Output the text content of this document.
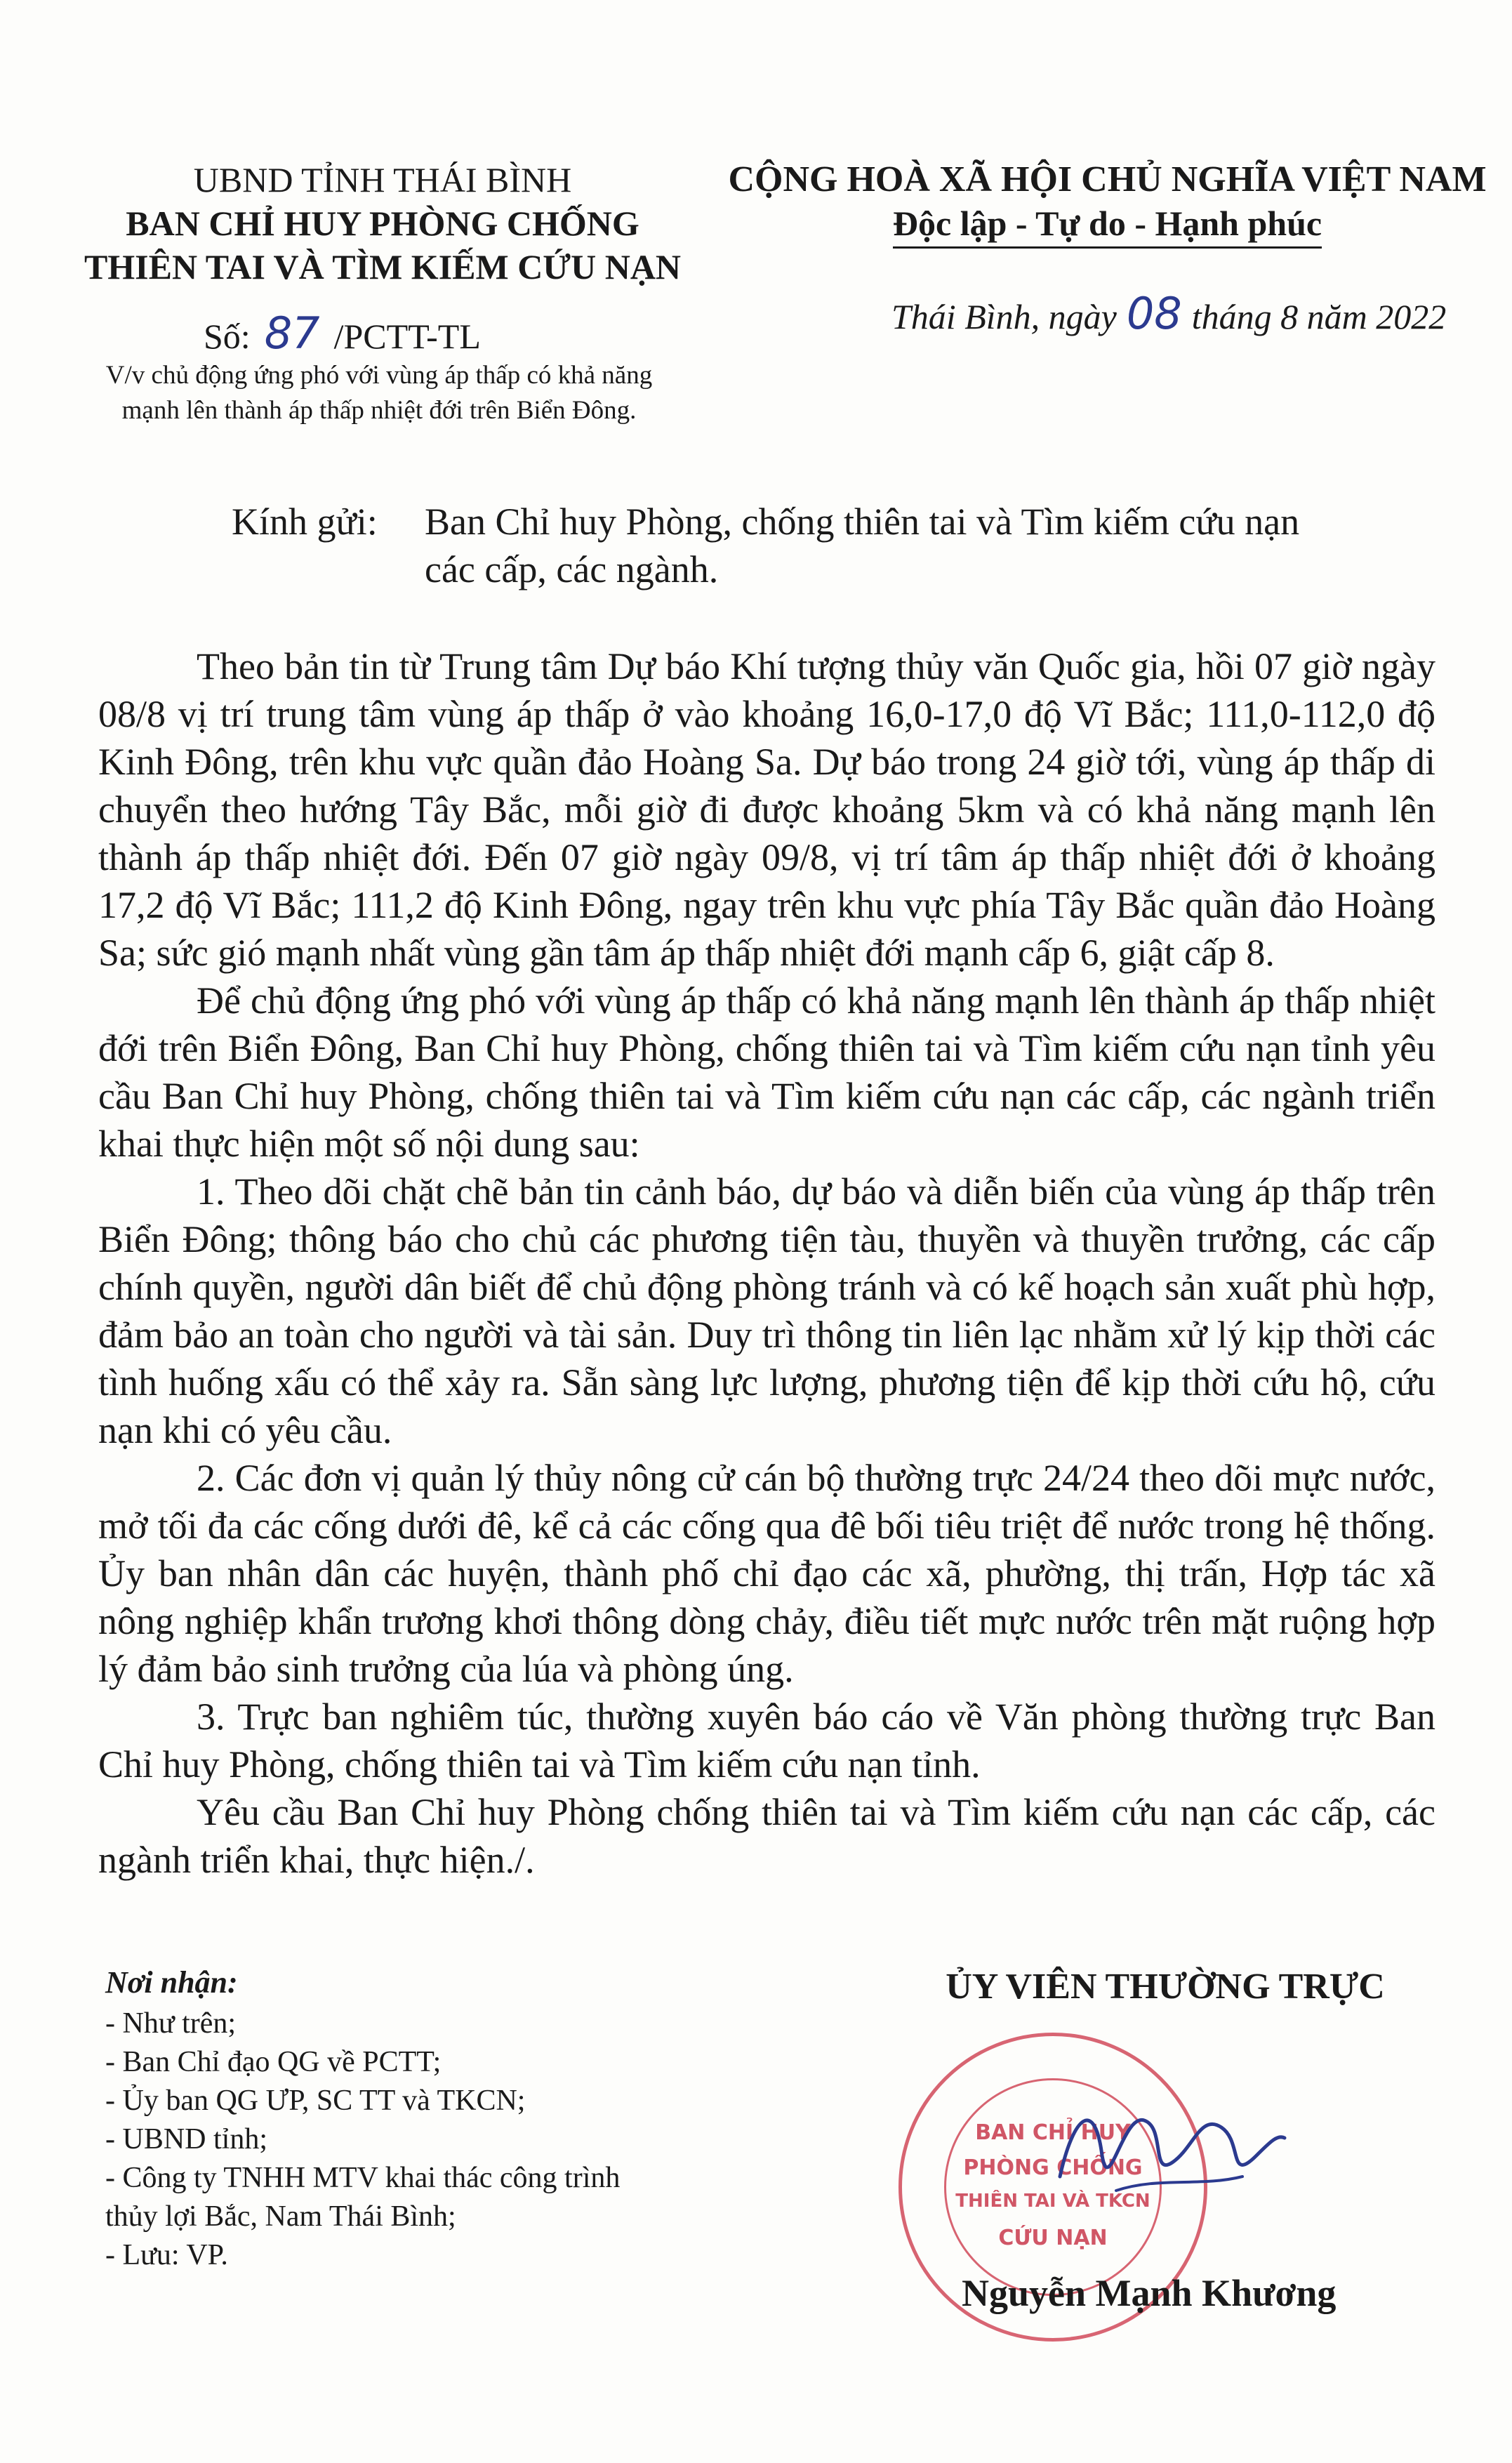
UBND TỈNH THÁI BÌNH
BAN CHỈ HUY PHÒNG CHỐNG
THIÊN TAI VÀ TÌM KIẾM CỨU NẠN
Số: 87 /PCTT-TL
V/v chủ động ứng phó với vùng áp thấp có khả năng
mạnh lên thành áp thấp nhiệt đới trên Biển Đông.
CỘNG HOÀ XÃ HỘI CHỦ NGHĨA VIỆT NAM
Độc lập - Tự do - Hạnh phúc
Thái Bình, ngày 08 tháng 8 năm 2022
Kính gửi: Ban Chỉ huy Phòng, chống thiên tai và Tìm kiếm cứu nạn
các cấp, các ngành.

Theo bản tin từ Trung tâm Dự báo Khí tượng thủy văn Quốc gia, hồi 07 giờ ngày 08/8 vị trí trung tâm vùng áp thấp ở vào khoảng 16,0-17,0 độ Vĩ Bắc; 111,0-112,0 độ Kinh Đông, trên khu vực quần đảo Hoàng Sa. Dự báo trong 24 giờ tới, vùng áp thấp di chuyển theo hướng Tây Bắc, mỗi giờ đi được khoảng 5km và có khả năng mạnh lên thành áp thấp nhiệt đới. Đến 07 giờ ngày 09/8, vị trí tâm áp thấp nhiệt đới ở khoảng 17,2 độ Vĩ Bắc; 111,2 độ Kinh Đông, ngay trên khu vực phía Tây Bắc quần đảo Hoàng Sa; sức gió mạnh nhất vùng gần tâm áp thấp nhiệt đới mạnh cấp 6, giật cấp 8.

Để chủ động ứng phó với vùng áp thấp có khả năng mạnh lên thành áp thấp nhiệt đới trên Biển Đông, Ban Chỉ huy Phòng, chống thiên tai và Tìm kiếm cứu nạn tỉnh yêu cầu Ban Chỉ huy Phòng, chống thiên tai và Tìm kiếm cứu nạn các cấp, các ngành triển khai thực hiện một số nội dung sau:

1. Theo dõi chặt chẽ bản tin cảnh báo, dự báo và diễn biến của vùng áp thấp trên Biển Đông; thông báo cho chủ các phương tiện tàu, thuyền và thuyền trưởng, các cấp chính quyền, người dân biết để chủ động phòng tránh và có kế hoạch sản xuất phù hợp, đảm bảo an toàn cho người và tài sản. Duy trì thông tin liên lạc nhằm xử lý kịp thời các tình huống xấu có thể xảy ra. Sẵn sàng lực lượng, phương tiện để kịp thời cứu hộ, cứu nạn khi có yêu cầu.

2. Các đơn vị quản lý thủy nông cử cán bộ thường trực 24/24 theo dõi mực nước, mở tối đa các cống dưới đê, kể cả các cống qua đê bối tiêu triệt để nước trong hệ thống. Ủy ban nhân dân các huyện, thành phố chỉ đạo các xã, phường, thị trấn, Hợp tác xã nông nghiệp khẩn trương khơi thông dòng chảy, điều tiết mực nước trên mặt ruộng hợp lý đảm bảo sinh trưởng của lúa và phòng úng.

3. Trực ban nghiêm túc, thường xuyên báo cáo về Văn phòng thường trực Ban Chỉ huy Phòng, chống thiên tai và Tìm kiếm cứu nạn tỉnh.

Yêu cầu Ban Chỉ huy Phòng chống thiên tai và Tìm kiếm cứu nạn các cấp, các ngành triển khai, thực hiện./.

Nơi nhận:
- Như trên;
- Ban Chỉ đạo QG về PCTT;
- Ủy ban QG ƯP, SC TT và TKCN;
- UBND tỉnh;
- Công ty TNHH MTV khai thác công trình
thủy lợi Bắc, Nam Thái Bình;
- Lưu: VP.
ỦY VIÊN THƯỜNG TRỰC
BAN CHỈ HUY
PHÒNG CHỐNG
THIÊN TAI VÀ TKCN
CỨU NẠN
Nguyễn Mạnh Khương
